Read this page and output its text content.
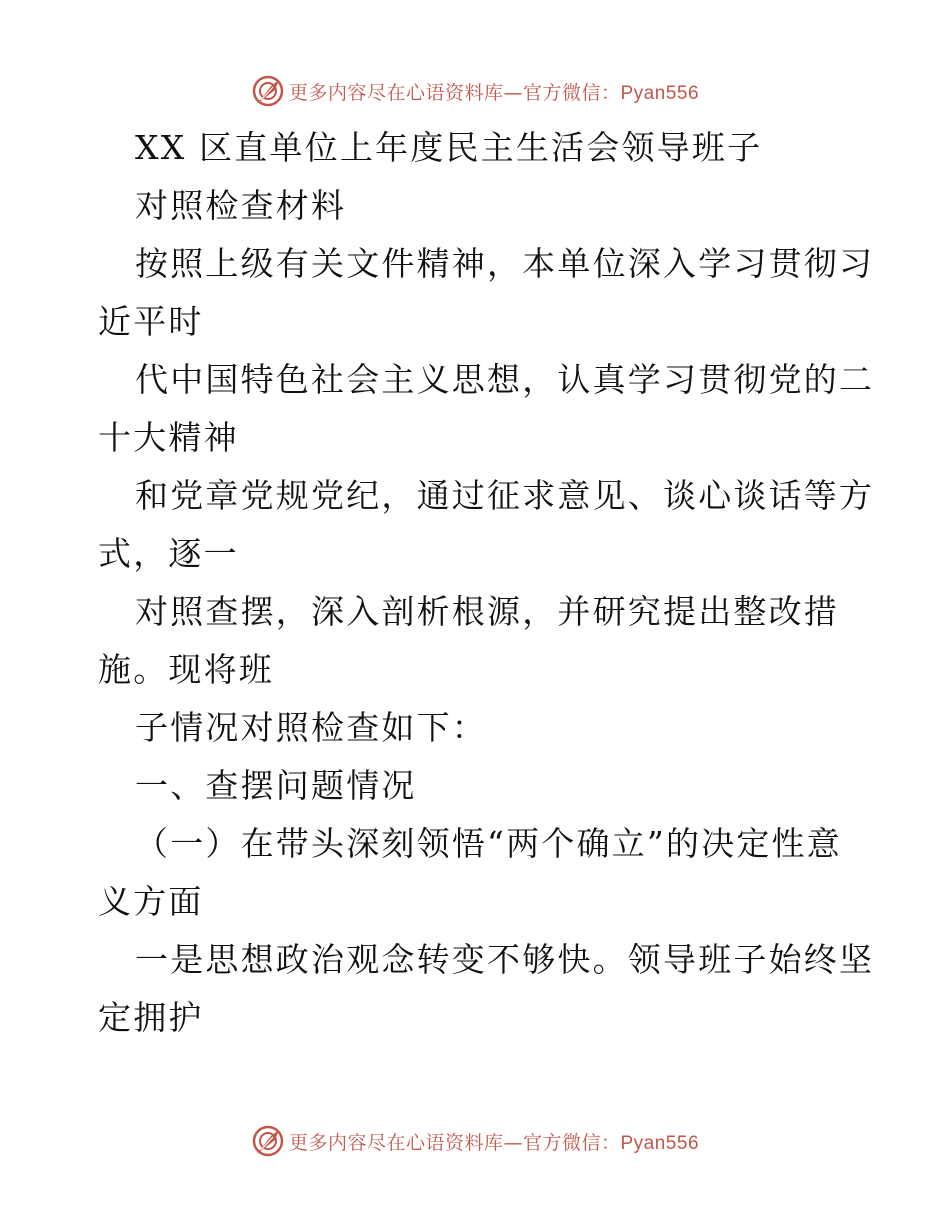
更多内容尽在心语资料库—官方微信：Pyan556
XX 区直单位上年度民主生活会领导班子
对照检查材料
按照上级有关文件精神，本单位深入学习贯彻习
近平时
代中国特色社会主义思想，认真学习贯彻党的二
十大精神
和党章党规党纪，通过征求意见、谈心谈话等方
式，逐一
对照查摆，深入剖析根源，并研究提出整改措
施。现将班
子情况对照检查如下：
一、查摆问题情况
（一）在带头深刻领悟“两个确立”的决定性意
义方面
一是思想政治观念转变不够快。领导班子始终坚
定拥护
更多内容尽在心语资料库—官方微信：Pyan556
